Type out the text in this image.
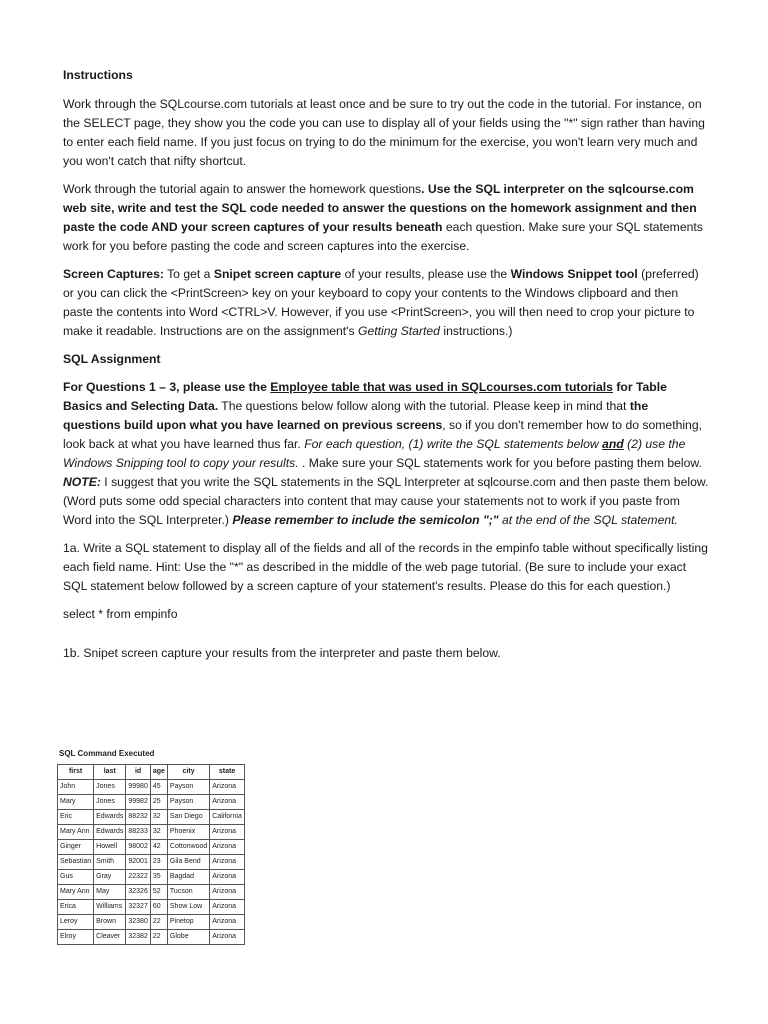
Instructions

Work through the SQLcourse.com tutorials at least once and be sure to try out the code in the tutorial. For instance, on the SELECT page, they show you the code you can use to display all of your fields using the "*" sign rather than having to enter each field name. If you just focus on trying to do the minimum for the exercise, you won't learn very much and you won't catch that nifty shortcut.

Work through the tutorial again to answer the homework questions. Use the SQL interpreter on the sqlcourse.com web site, write and test the SQL code needed to answer the questions on the homework assignment and then paste the code AND your screen captures of your results beneath each question. Make sure your SQL statements work for you before pasting the code and screen captures into the exercise.

Screen Captures: To get a Snipet screen capture of your results, please use the Windows Snippet tool (preferred) or you can click the <PrintScreen> key on your keyboard to copy your contents to the Windows clipboard and then paste the contents into Word <CTRL>V. However, if you use <PrintScreen>, you will then need to crop your picture to make it readable. Instructions are on the assignment's Getting Started instructions.)

SQL Assignment

For Questions 1 – 3, please use the Employee table that was used in SQLcourses.com tutorials for Table Basics and Selecting Data. The questions below follow along with the tutorial. Please keep in mind that the questions build upon what you have learned on previous screens, so if you don't remember how to do something, look back at what you have learned thus far. For each question, (1) write the SQL statements below and (2) use the Windows Snipping tool to copy your results. . Make sure your SQL statements work for you before pasting them below.

NOTE: I suggest that you write the SQL statements in the SQL Interpreter at sqlcourse.com and then paste them below. (Word puts some odd special characters into content that may cause your statements not to work if you paste from Word into the SQL Interpreter.) Please remember to include the semicolon ";" at the end of the SQL statement.

1a. Write a SQL statement to display all of the fields and all of the records in the empinfo table without specifically listing each field name. Hint: Use the "*" as described in the middle of the web page tutorial. (Be sure to include your exact SQL statement below followed by a screen capture of your statement's results. Please do this for each question.)

select * from empinfo

1b. Snipet screen capture your results from the interpreter and paste them below.

SQL Command Executed
first	last	id	age	city	state
John	Jones	99980	45	Payson	Arizona
Mary	Jones	99982	25	Payson	Arizona
Eric	Edwards	88232	32	San Diego	California
Mary Ann	Edwards	88233	32	Phoenix	Arizona
Ginger	Howell	98002	42	Cottonwood	Arizona
Sebastian	Smith	92001	23	Gila Bend	Arizona
Gus	Gray	22322	35	Bagdad	Arizona
Mary Ann	May	32326	52	Tucson	Arizona
Erica	Williams	32327	60	Show Low	Arizona
Leroy	Brown	32380	22	Pinetop	Arizona
Elroy	Cleaver	32382	22	Globe	Arizona
